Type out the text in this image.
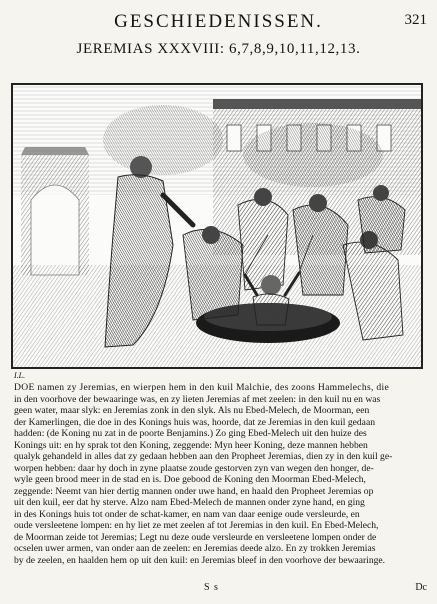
GESCHIEDENISSEN.	321
JEREMIAS XXXVIII: 6,7,8,9,10,11,12,13.
I.L.
DOE namen zy Jeremias, en wierpen hem in den kuil Malchie, des zoons Hammelechs, die
in den voorhove der bewaaringe was, en zy lieten Jeremias af met zeelen: in den kuil nu en was
geen water, maar slyk: en Jeremias zonk in den slyk. Als nu Ebed-Melech, de Moorman, een
der Kamerlingen, die doe in des Konings huis was, hoorde, dat ze Jeremias in den kuil gedaan
hadden: (de Koning nu zat in de poorte Benjamins.) Zo ging Ebed-Melech uit den huize des
Konings uit: en hy sprak tot den Koning, zeggende: Myn heer Koning, deze mannen hebben
qualyk gehandeld in alles dat zy gedaan hebben aan den Propheet Jeremias, dien zy in den kuil ge-
worpen hebben: daar hy doch in zyne plaatse zoude gestorven zyn van wegen den honger, de-
wyle geen brood meer in de stad en is. Doe gebood de Koning den Moorman Ebed-Melech,
zeggende: Neemt van hier dertig mannen onder uwe hand, en haald den Propheet Jeremias op
uit den kuil, eer dat hy sterve. Alzo nam Ebed-Melech de mannen onder zyne hand, en ging
in des Konings huis tot onder de schat-kamer, en nam van daar eenige oude versleurde, en
oude versleetene lompen: en hy liet ze met zeelen af tot Jeremias in den kuil. En Ebed-Melech,
de Moorman zeide tot Jeremias; Legt nu deze oude versleurde en versleetene lompen onder de
ocselen uwer armen, van onder aan de zeelen: en Jeremias deede alzo. En zy trokken Jeremias
by de zeelen, en haalden hem op uit den kuil: en Jeremias bleef in den voorhove der bewaaringe.
S s	Dc
